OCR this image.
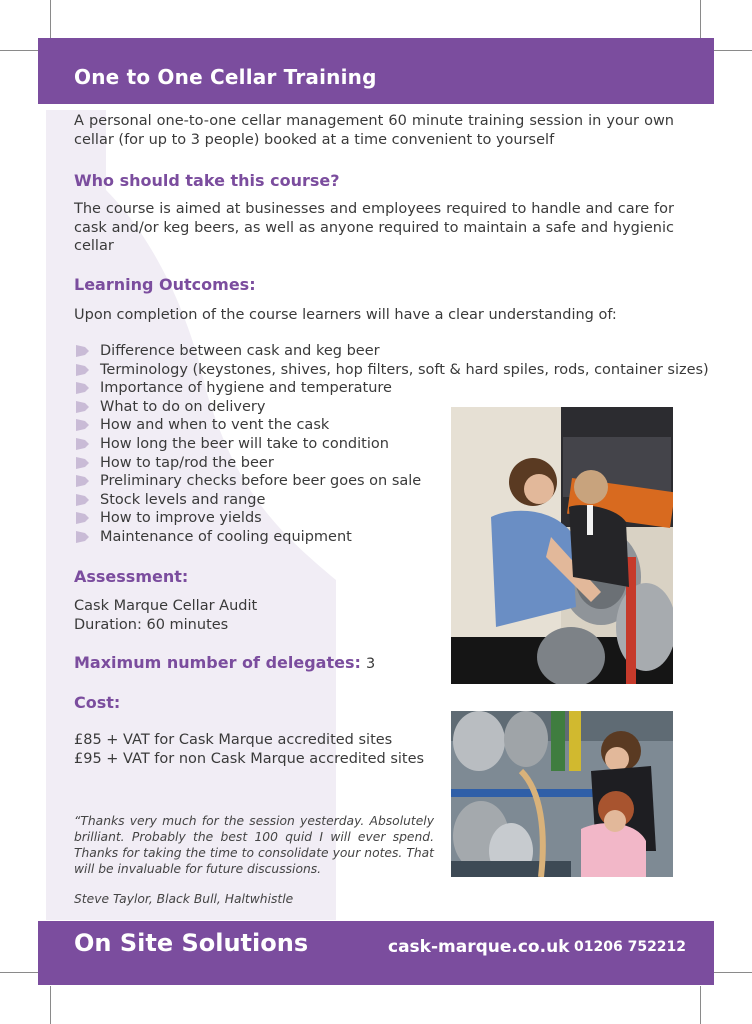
One to One Cellar Training

A personal one-to-one cellar management 60 minute training session in your own cellar (for up to 3 people) booked at a time convenient to yourself

Who should take this course?

The course is aimed at businesses and employees required to handle and care for cask and/or keg beers, as well as anyone required to maintain a safe and hygienic cellar

Learning Outcomes:

Upon completion of the course learners will have a clear understanding of:

Difference between cask and keg beer
Terminology (keystones, shives, hop filters, soft & hard spiles, rods, container sizes)
Importance of hygiene and temperature
What to do on delivery
How and when to vent the cask
How long the beer will take to condition
How to tap/rod the beer
Preliminary checks before beer goes on sale
Stock levels and range
How to improve yields
Maintenance of cooling equipment
Assessment:

Cask Marque Cellar Audit

Duration: 60 minutes

Maximum number of delegates: 3
Cost:

£85 + VAT for Cask Marque accredited sites

£95 + VAT for non Cask Marque accredited sites

“Thanks very much for the session yesterday. Absolutely brilliant. Probably the best 100 quid I will ever spend. Thanks for taking the time to consolidate your notes. That will be invaluable for future discussions.

Steve Taylor, Black Bull, Haltwhistle

On Site Solutions	cask-marque.co.uk 01206 752212
